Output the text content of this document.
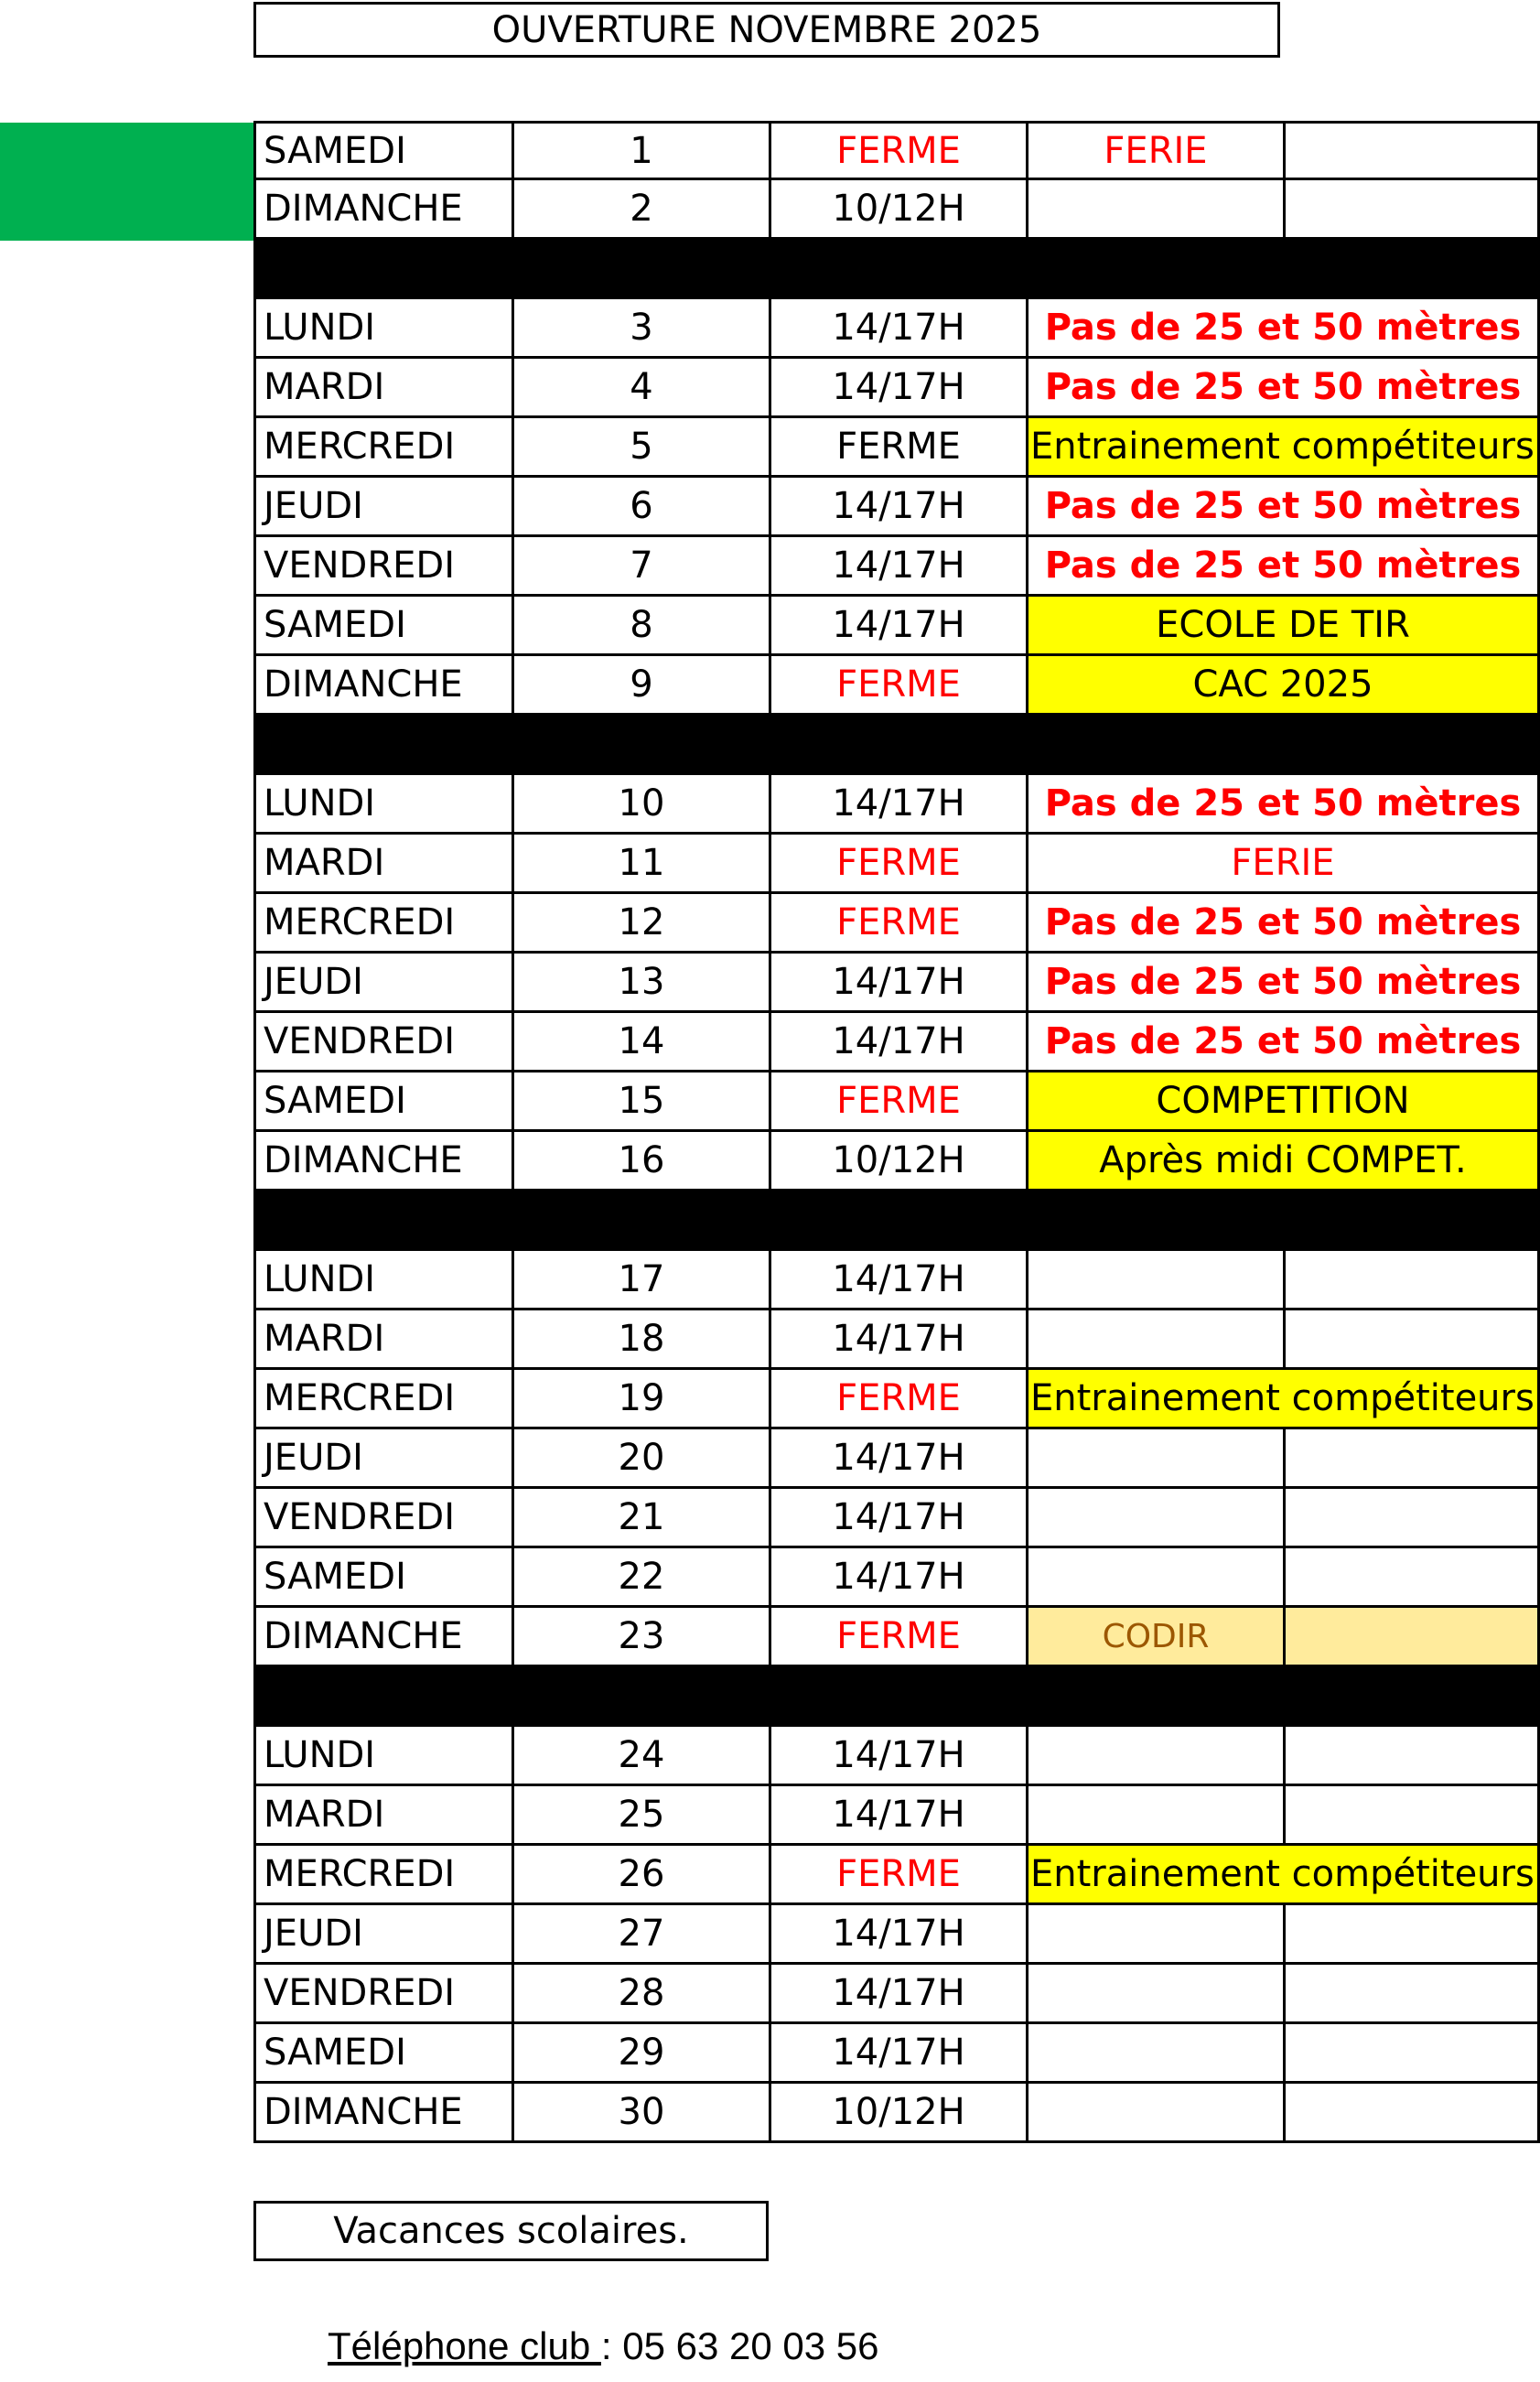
OUVERTURE NOVEMBRE 2025
SAMEDI	1	FERME	FERIE
DIMANCHE	2	10/12H
LUNDI	3	14/17H	Pas de 25 et 50 mètres
MARDI	4	14/17H	Pas de 25 et 50 mètres
MERCREDI	5	FERME	Entrainement compétiteurs
JEUDI	6	14/17H	Pas de 25 et 50 mètres
VENDREDI	7	14/17H	Pas de 25 et 50 mètres
SAMEDI	8	14/17H	ECOLE DE TIR
DIMANCHE	9	FERME	CAC 2025
LUNDI	10	14/17H	Pas de 25 et 50 mètres
MARDI	11	FERME	FERIE
MERCREDI	12	FERME	Pas de 25 et 50 mètres
JEUDI	13	14/17H	Pas de 25 et 50 mètres
VENDREDI	14	14/17H	Pas de 25 et 50 mètres
SAMEDI	15	FERME	COMPETITION
DIMANCHE	16	10/12H	Après midi COMPET.
LUNDI	17	14/17H
MARDI	18	14/17H
MERCREDI	19	FERME	Entrainement compétiteurs
JEUDI	20	14/17H
VENDREDI	21	14/17H
SAMEDI	22	14/17H
DIMANCHE	23	FERME	CODIR
LUNDI	24	14/17H
MARDI	25	14/17H
MERCREDI	26	FERME	Entrainement compétiteurs
JEUDI	27	14/17H
VENDREDI	28	14/17H
SAMEDI	29	14/17H
DIMANCHE	30	10/12H
Vacances scolaires.
Téléphone club : 05 63 20 03 56
